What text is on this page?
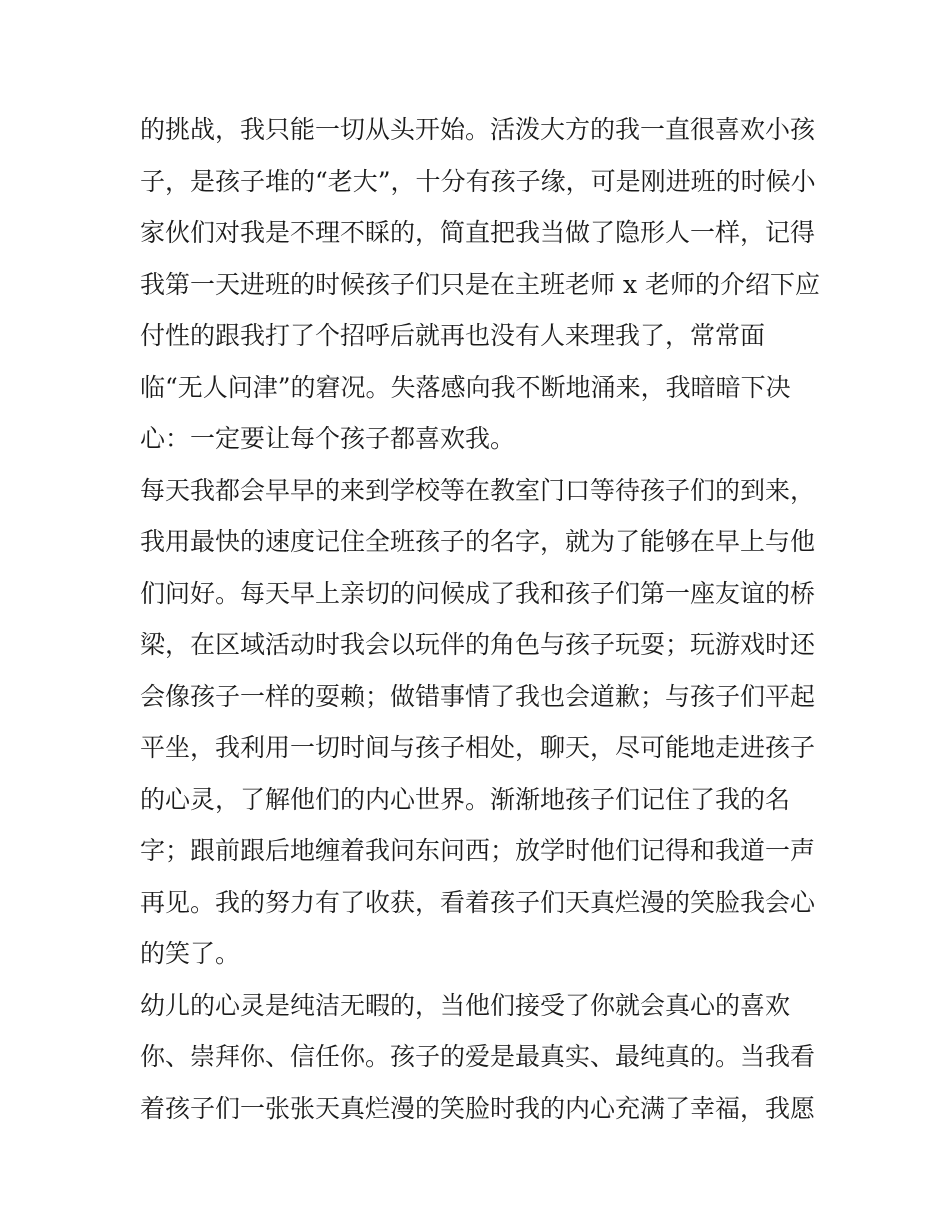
的挑战，我只能一切从头开始。活泼大方的我一直很喜欢小孩
子，是孩子堆的“老大”，十分有孩子缘，可是刚进班的时候小
家伙们对我是不理不睬的，简直把我当做了隐形人一样，记得
我第一天进班的时候孩子们只是在主班老师 x 老师的介绍下应
付性的跟我打了个招呼后就再也没有人来理我了，常常面
临“无人问津”的窘况。失落感向我不断地涌来，我暗暗下决
心：一定要让每个孩子都喜欢我。
每天我都会早早的来到学校等在教室门口等待孩子们的到来，
我用最快的速度记住全班孩子的名字，就为了能够在早上与他
们问好。每天早上亲切的问候成了我和孩子们第一座友谊的桥
梁，在区域活动时我会以玩伴的角色与孩子玩耍；玩游戏时还
会像孩子一样的耍赖；做错事情了我也会道歉；与孩子们平起
平坐，我利用一切时间与孩子相处，聊天，尽可能地走进孩子
的心灵，了解他们的内心世界。渐渐地孩子们记住了我的名
字；跟前跟后地缠着我问东问西；放学时他们记得和我道一声
再见。我的努力有了收获，看着孩子们天真烂漫的笑脸我会心
的笑了。
幼儿的心灵是纯洁无暇的，当他们接受了你就会真心的喜欢
你、崇拜你、信任你。孩子的爱是最真实、最纯真的。当我看
着孩子们一张张天真烂漫的笑脸时我的内心充满了幸福，我愿
